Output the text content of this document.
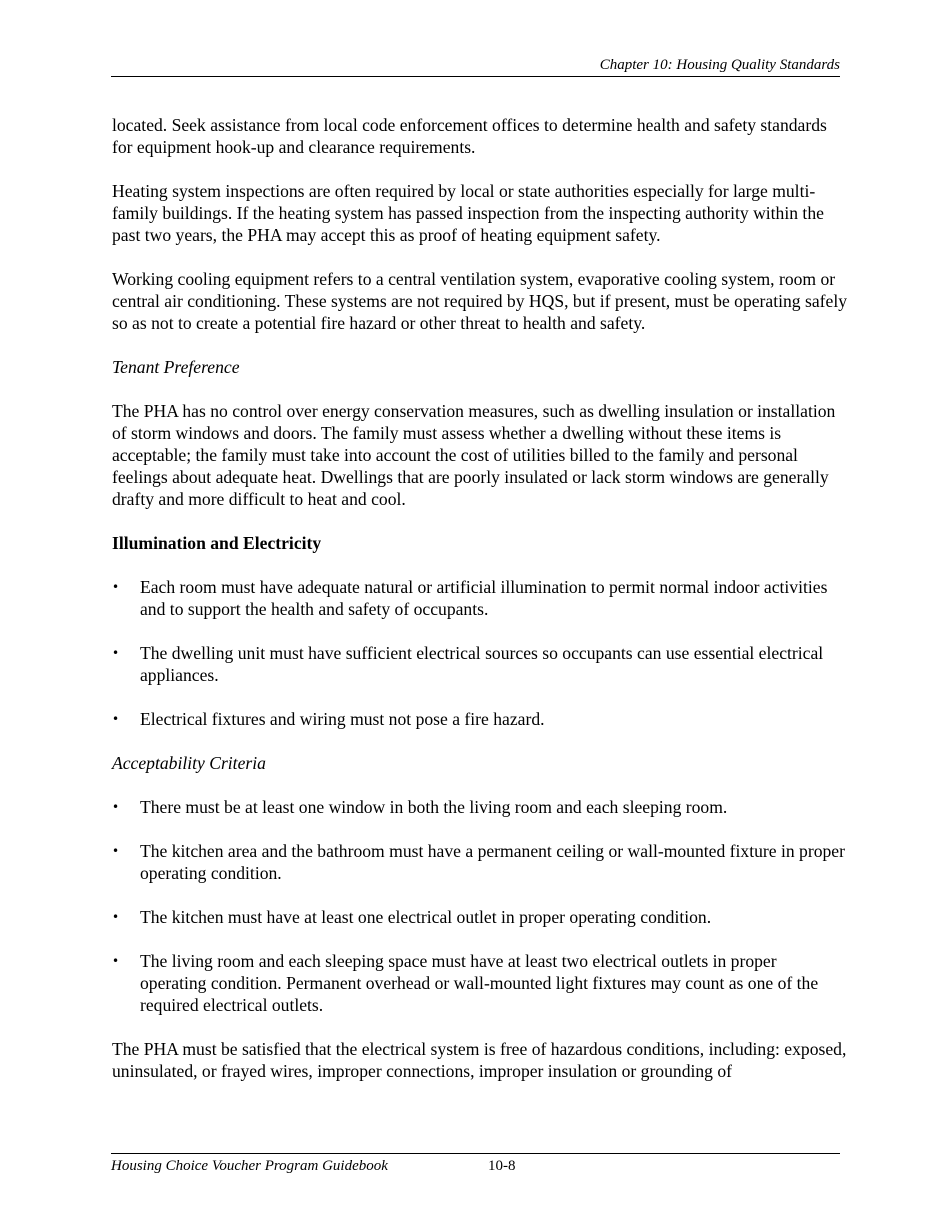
Chapter 10: Housing Quality Standards

located. Seek assistance from local code enforcement offices to determine health and safety standards for equipment hook-up and clearance requirements.

Heating system inspections are often required by local or state authorities especially for large multi-family buildings. If the heating system has passed inspection from the inspecting authority within the past two years, the PHA may accept this as proof of heating equipment safety.

Working cooling equipment refers to a central ventilation system, evaporative cooling system, room or central air conditioning. These systems are not required by HQS, but if present, must be operating safely so as not to create a potential fire hazard or other threat to health and safety.

Tenant Preference

The PHA has no control over energy conservation measures, such as dwelling insulation or installation of storm windows and doors. The family must assess whether a dwelling without these items is acceptable; the family must take into account the cost of utilities billed to the family and personal feelings about adequate heat. Dwellings that are poorly insulated or lack storm windows are generally drafty and more difficult to heat and cool.

Illumination and Electricity
• Each room must have adequate natural or artificial illumination to permit normal indoor activities and to support the health and safety of occupants.
• The dwelling unit must have sufficient electrical sources so occupants can use essential electrical appliances.
• Electrical fixtures and wiring must not pose a fire hazard.
Acceptability Criteria
• There must be at least one window in both the living room and each sleeping room.
• The kitchen area and the bathroom must have a permanent ceiling or wall-mounted fixture in proper operating condition.
• The kitchen must have at least one electrical outlet in proper operating condition.
• The living room and each sleeping space must have at least two electrical outlets in proper operating condition. Permanent overhead or wall-mounted light fixtures may count as one of the required electrical outlets.

The PHA must be satisfied that the electrical system is free of hazardous conditions, including: exposed, uninsulated, or frayed wires, improper connections, improper insulation or grounding of

Housing Choice Voucher Program Guidebook	10-8
